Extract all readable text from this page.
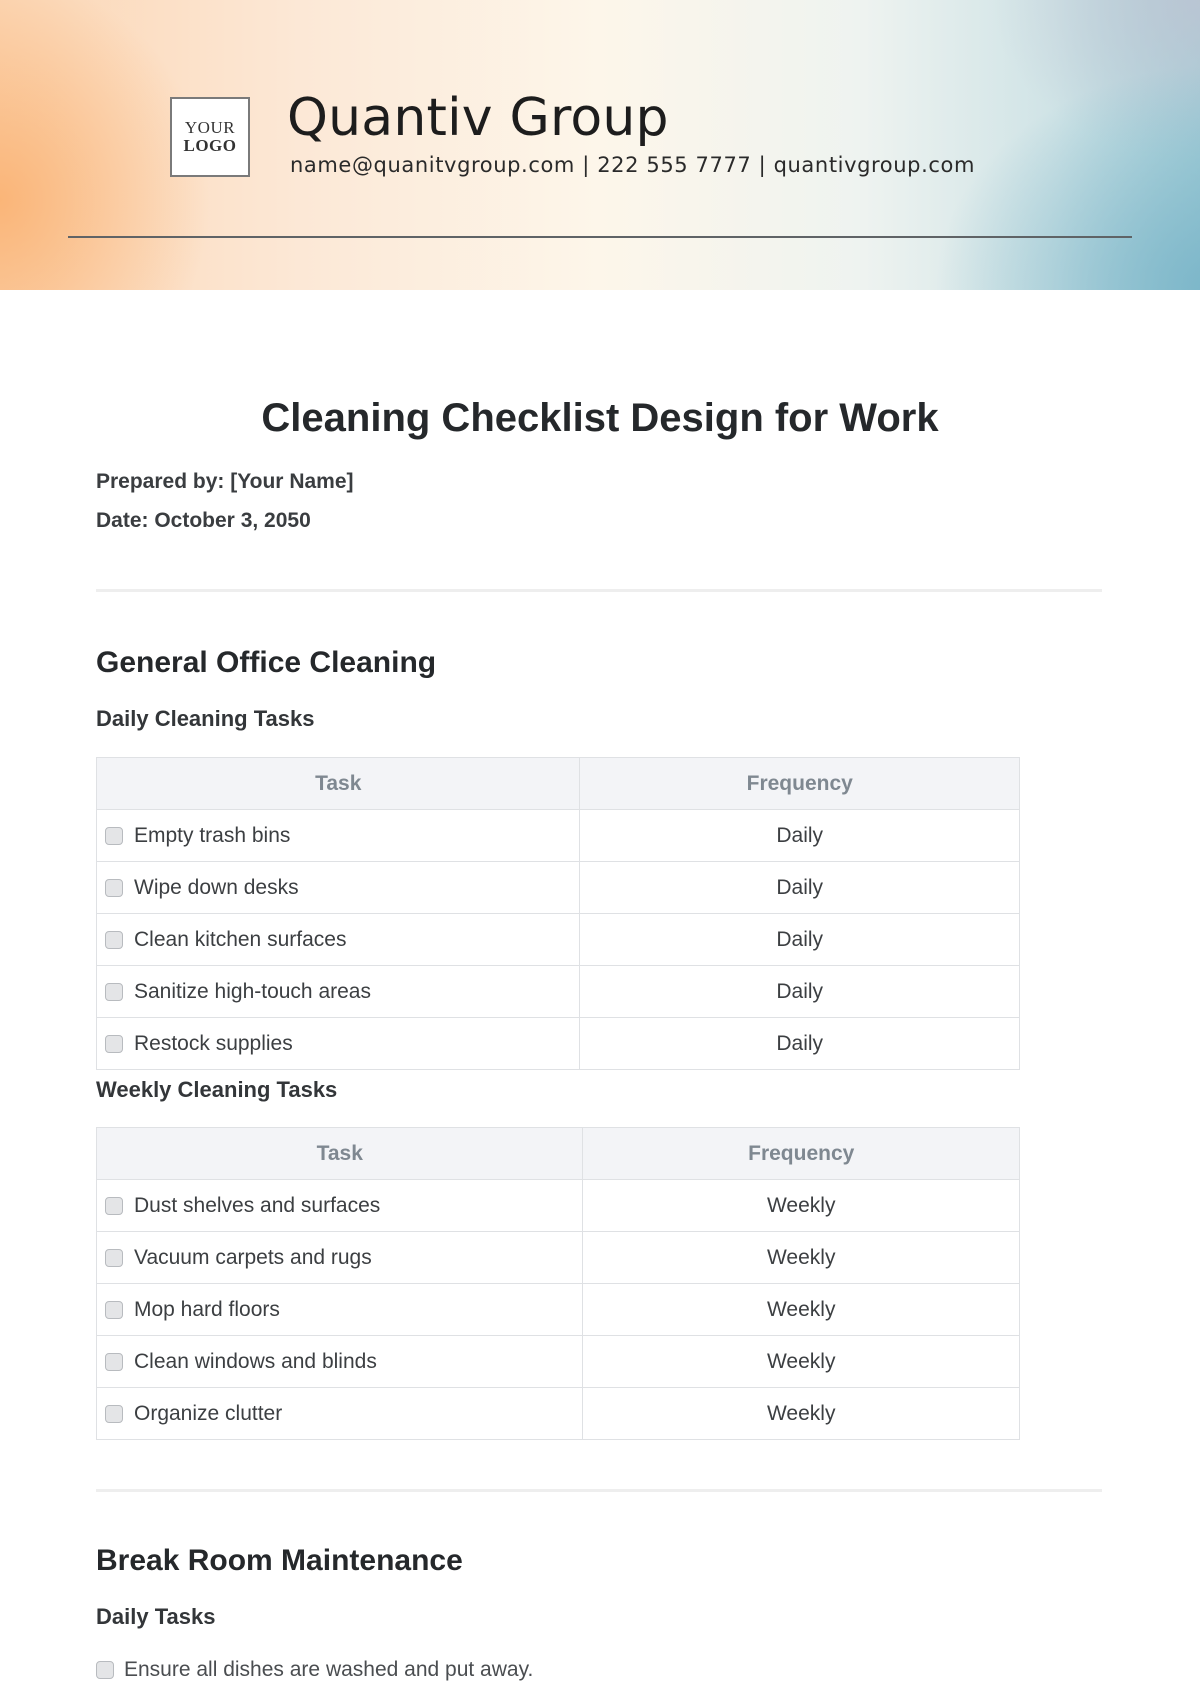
YOUR
LOGO Quantiv Group
name@quanitvgroup.com | 222 555 7777 | quantivgroup.com
Cleaning Checklist Design for Work
Prepared by: [Your Name]
Date: October 3, 2050
General Office Cleaning
Daily Cleaning Tasks
Task	Frequency
Empty trash bins	Daily
Wipe down desks	Daily
Clean kitchen surfaces	Daily
Sanitize high-touch areas	Daily
Restock supplies	Daily
Weekly Cleaning Tasks
Task	Frequency
Dust shelves and surfaces	Weekly
Vacuum carpets and rugs	Weekly
Mop hard floors	Weekly
Clean windows and blinds	Weekly
Organize clutter	Weekly
Break Room Maintenance
Daily Tasks
Ensure all dishes are washed and put away.
